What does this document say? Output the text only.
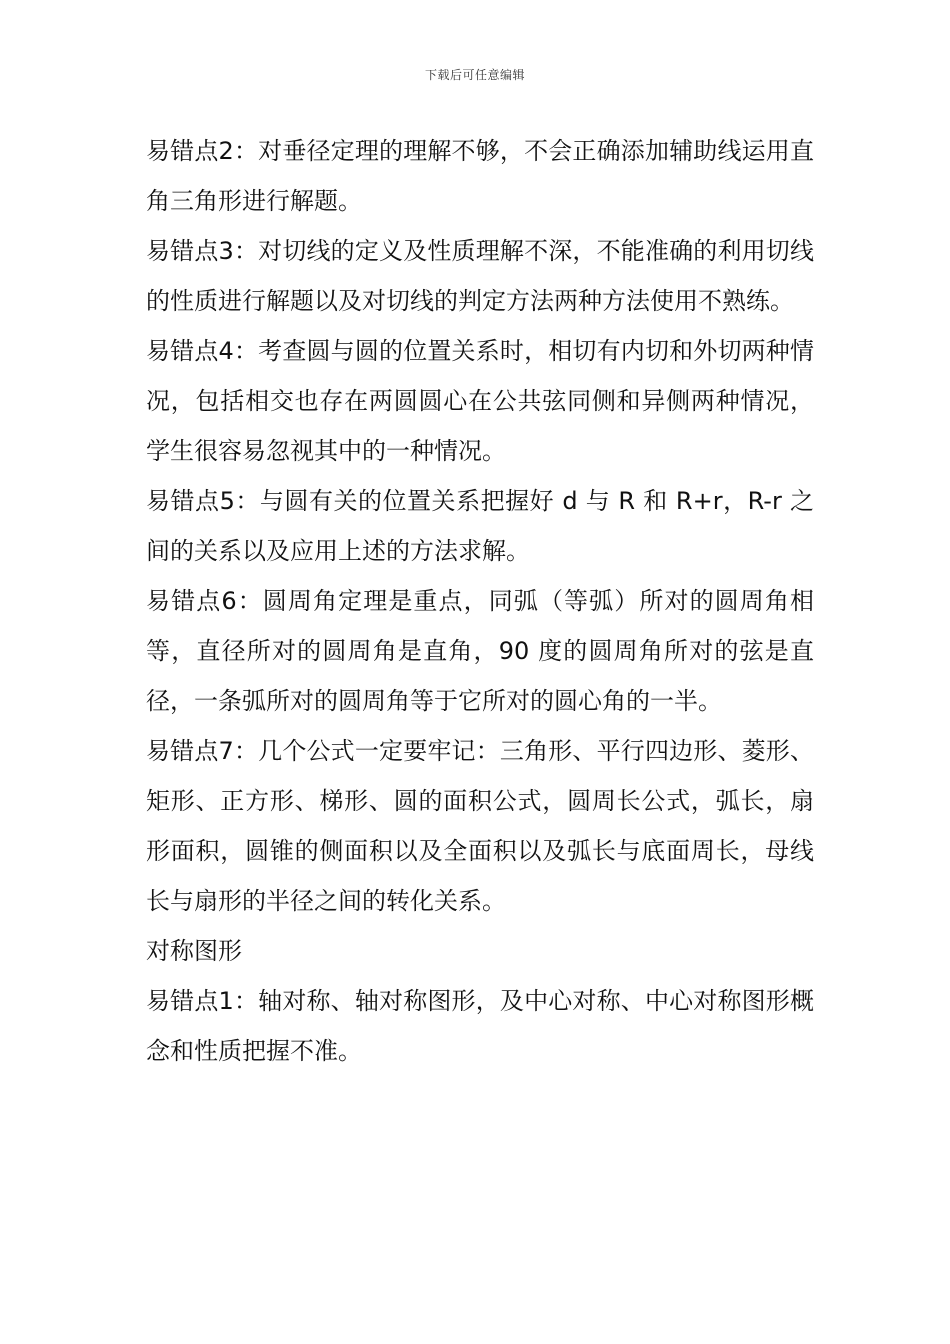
下载后可任意编辑

易错点2：对垂径定理的理解不够，不会正确添加辅助线运用直角三角形进行解题。

易错点3：对切线的定义及性质理解不深，不能准确的利用切线的性质进行解题以及对切线的判定方法两种方法使用不熟练。

易错点4：考查圆与圆的位置关系时，相切有内切和外切两种情况，包括相交也存在两圆圆心在公共弦同侧和异侧两种情况，学生很容易忽视其中的一种情况。

易错点5：与圆有关的位置关系把握好 d 与 R 和 R+r，R-r 之间的关系以及应用上述的方法求解。

易错点6：圆周角定理是重点，同弧（等弧）所对的圆周角相等，直径所对的圆周角是直角，90 度的圆周角所对的弦是直径，一条弧所对的圆周角等于它所对的圆心角的一半。

易错点7：几个公式一定要牢记：三角形、平行四边形、菱形、矩形、正方形、梯形、圆的面积公式，圆周长公式，弧长，扇形面积，圆锥的侧面积以及全面积以及弧长与底面周长，母线长与扇形的半径之间的转化关系。

对称图形

易错点1：轴对称、轴对称图形，及中心对称、中心对称图形概念和性质把握不准。
